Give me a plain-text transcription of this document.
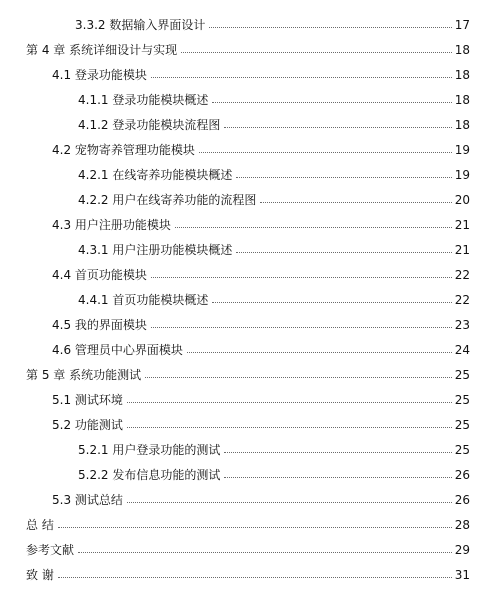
3.3.2 数据输入界面设计	17
第 4 章 系统详细设计与实现	18
4.1 登录功能模块	18
4.1.1 登录功能模块概述	18
4.1.2 登录功能模块流程图	18
4.2 宠物寄养管理功能模块	19
4.2.1 在线寄养功能模块概述	19
4.2.2 用户在线寄养功能的流程图	20
4.3 用户注册功能模块	21
4.3.1 用户注册功能模块概述	21
4.4 首页功能模块	22
4.4.1 首页功能模块概述	22
4.5 我的界面模块	23
4.6 管理员中心界面模块	24
第 5 章 系统功能测试	25
5.1 测试环境	25
5.2 功能测试	25
5.2.1 用户登录功能的测试	25
5.2.2 发布信息功能的测试	26
5.3 测试总结	26
总 结	28
参考文献	29
致 谢	31
